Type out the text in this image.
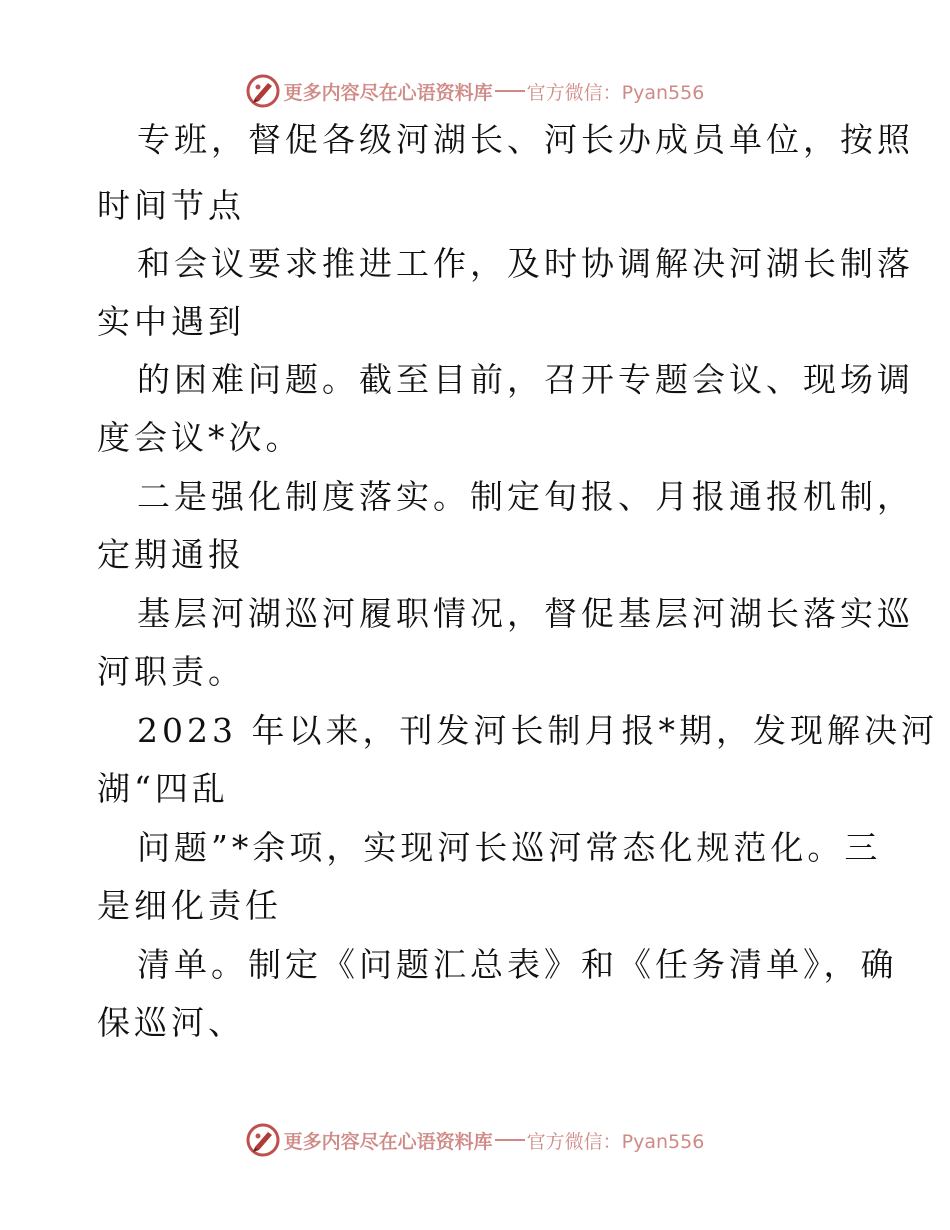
更多内容尽在心语资料库 官方微信：Pyan556
专班，督促各级河湖长、河长办成员单位，按照
时间节点
和会议要求推进工作，及时协调解决河湖长制落
实中遇到
的困难问题。截至目前，召开专题会议、现场调
度会议*次。
二是强化制度落实。制定旬报、月报通报机制，
定期通报
基层河湖巡河履职情况，督促基层河湖长落实巡
河职责。
2023 年以来，刊发河长制月报*期，发现解决河
湖“四乱
问题”*余项，实现河长巡河常态化规范化。三
是细化责任
清单。制定《问题汇总表》和《任务清单》，确
保巡河、
更多内容尽在心语资料库 官方微信：Pyan556
